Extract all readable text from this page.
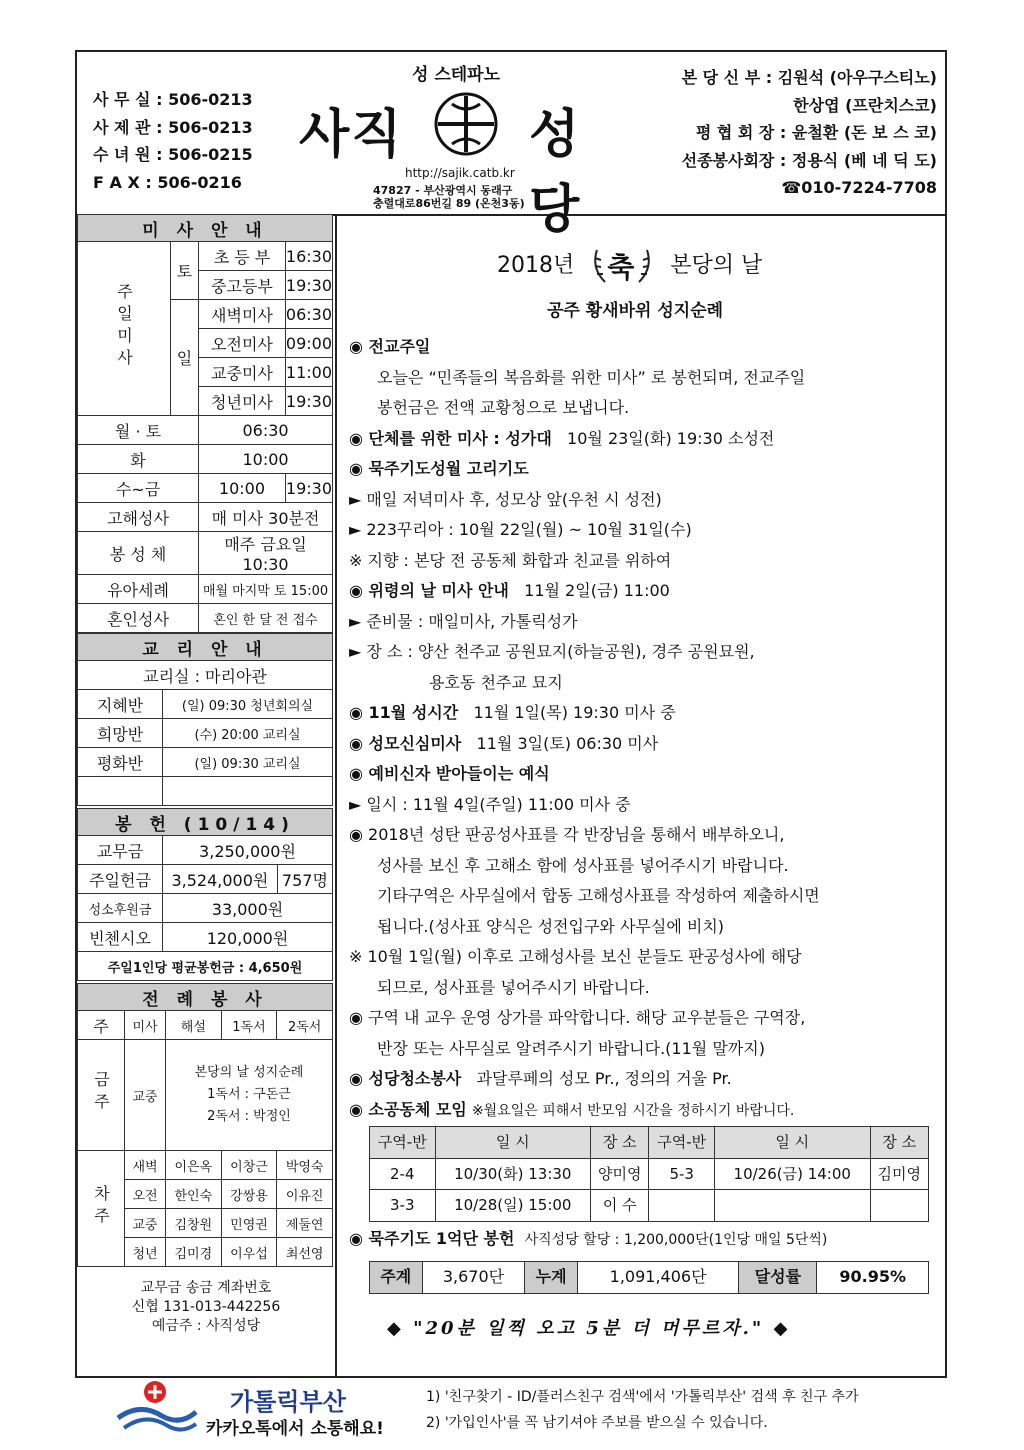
사 무 실 : 506-0213
사 제 관 : 506-0213
수 녀 원 : 506-0215
F A X : 506-0216
성 스테파노
사직 성당
http://sajik.catb.kr
47827 - 부산광역시 동래구
충렬대로86번길 89 (온천3동)
본 당 신 부 : 김원석 (아우구스티노)
한상엽 (프란치스코)
평 협 회 장 : 윤철환 (돈 보 스 코)
선종봉사회장 : 정용식 (베 네 딕 도)
☎010-7224-7708
미 사 안 내			
주일미사	토	초 등 부	16:30
		중고등부	19:30
	일	새벽미사	06:30
		오전미사	09:00
		교중미사	11:00
		청년미사	19:30
월 · 토		06:30	
화		10:00	
수~금		10:00	19:30
고해성사		매 미사 30분전	
봉 성 체		매주 금요일 10:30	
유아세례		매월 마지막 토 15:00	
혼인성사		혼인 한 달 전 접수	
교 리 안 내	
교리실 : 마리아관	
지혜반	(일) 09:30 청년회의실
희망반	(수) 20:00 교리실
평화반	(일) 09:30 교리실

봉 헌 (10/14)		
교무금	3,250,000원	
주일헌금	3,524,000원	757명
성소후원금	33,000원	
빈첸시오	120,000원	
주일1인당 평균봉헌금 : 4,650원		
전 례 봉 사				
주	미사	해설	1독서	2독서
금주	교중	본당의 날 성지순례
1독서 : 구돈근
2독서 : 박정인		

차주	새벽	이은옥	이창근	박영숙
	오전	한인숙	강쌍용	이유진
	교중	김창원	민영권	제둘연
	청년	김미경	이우섭	최선영
교무금 송금 계좌번호
신협 131-013-442256
예금주 : 사직성당
2018년 축 본당의 날
공주 황새바위 성지순례
◉ 전교주일
오늘은 “민족들의 복음화를 위한 미사” 로 봉헌되며, 전교주일
봉헌금은 전액 교황청으로 보냅니다.
◉ 단체를 위한 미사 : 성가대 10월 23일(화) 19:30 소성전
◉ 묵주기도성월 고리기도
► 매일 저녁미사 후, 성모상 앞(우천 시 성전)
► 223꾸리아 : 10월 22일(월) ~ 10월 31일(수)
※ 지향 : 본당 전 공동체 화합과 친교를 위하여
◉ 위령의 날 미사 안내 11월 2일(금) 11:00
► 준비물 : 매일미사, 가톨릭성가
► 장 소 : 양산 천주교 공원묘지(하늘공원), 경주 공원묘원,
용호동 천주교 묘지
◉ 11월 성시간 11월 1일(목) 19:30 미사 중
◉ 성모신심미사 11월 3일(토) 06:30 미사
◉ 예비신자 받아들이는 예식
► 일시 : 11월 4일(주일) 11:00 미사 중
◉ 2018년 성탄 판공성사표를 각 반장님을 통해서 배부하오니,
성사를 보신 후 고해소 함에 성사표를 넣어주시기 바랍니다.
기타구역은 사무실에서 합동 고해성사표를 작성하여 제출하시면
됩니다.(성사표 양식은 성전입구와 사무실에 비치)
※ 10월 1일(월) 이후로 고해성사를 보신 분들도 판공성사에 해당
되므로, 성사표를 넣어주시기 바랍니다.
◉ 구역 내 교우 운영 상가를 파악합니다. 해당 교우분들은 구역장,
반장 또는 사무실로 알려주시기 바랍니다.(11월 말까지)
◉ 성당청소봉사 과달루페의 성모 Pr., 정의의 거울 Pr.
◉ 소공동체 모임 ※월요일은 피해서 반모임 시간을 정하시기 바랍니다.
구역-반	일 시	장 소	구역-반	일 시	장 소
2-4	10/30(화) 13:30	양미영	5-3	10/26(금) 14:00	김미영
3-3	10/28(일) 15:00	이 수			
◉ 묵주기도 1억단 봉헌 사직성당 할당 : 1,200,000단(1인당 매일 5단씩)
주계	3,670단	누계	1,091,406단	달성률	90.95%
◆ "20분 일찍 오고 5분 더 머무르자." ◆
가톨릭부산
카카오톡에서 소통해요!
1) '친구찾기 - ID/플러스친구 검색'에서 '가톨릭부산' 검색 후 친구 추가
2) '가입인사'를 꼭 남기셔야 주보를 받으실 수 있습니다.
